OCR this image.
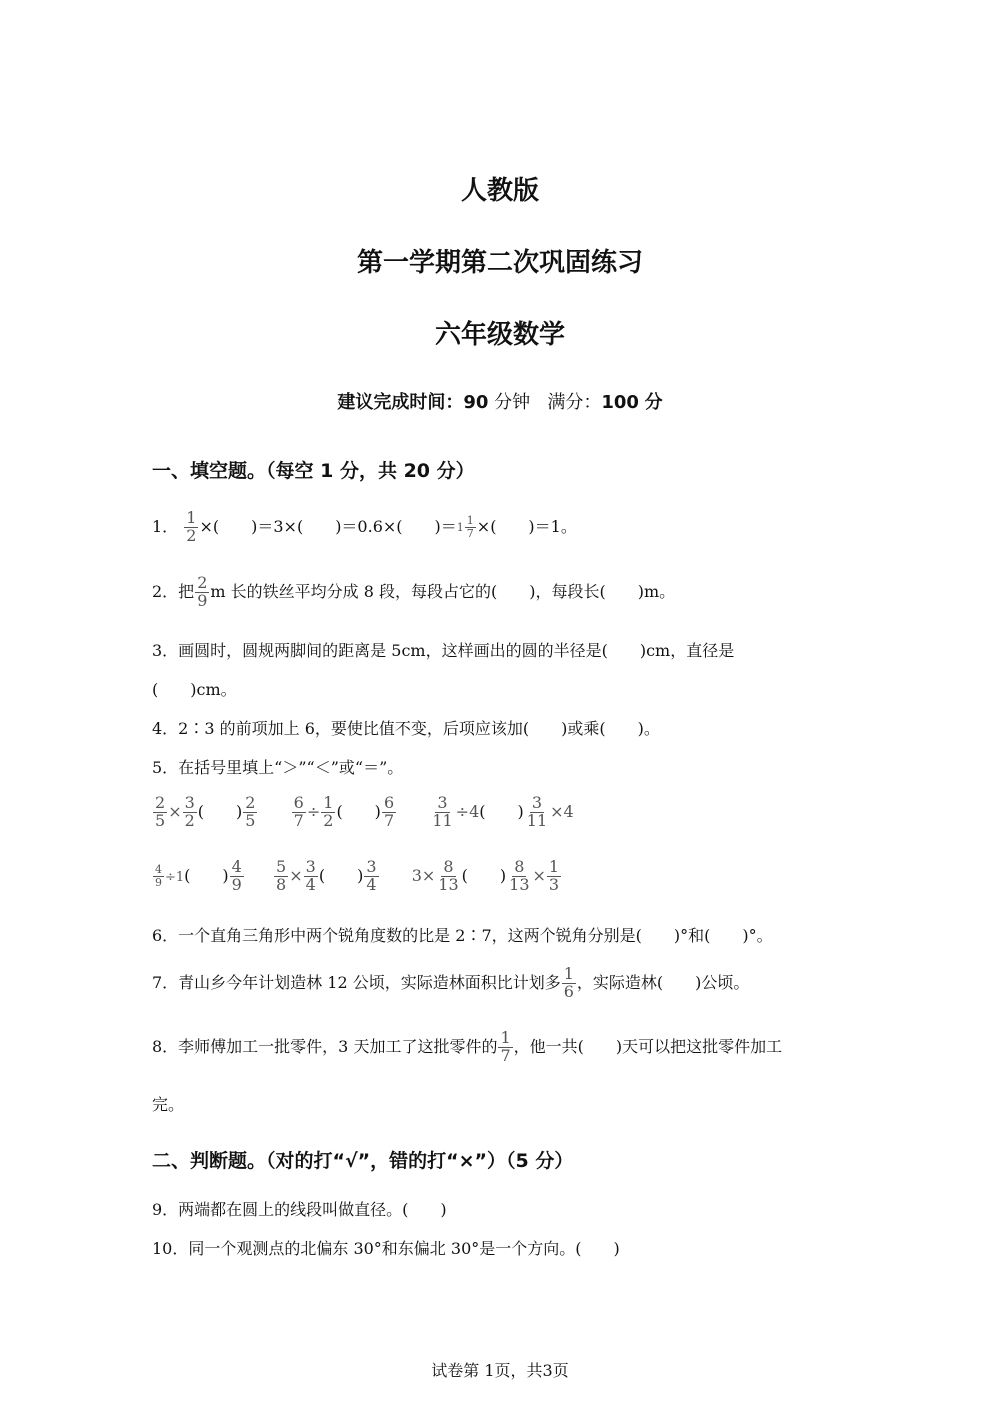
人教版
第一学期第二次巩固练习
六年级数学
建议完成时间：90 分钟 满分：100 分
一、填空题。（每空 1 分，共 20 分）
1． $\frac{1}{2}$ ×(　　)＝3×(　　)＝0.6×(　　)$=1 \frac{1}{7}$ ×(　　)＝1。
2．把 $\frac{2}{9}$ m 长的铁丝平均分成 8 段，每段占它的(　　)，每段长(　　)m。
3．画圆时，圆规两脚间的距离是 5cm，这样画出的圆的半径是(　　)cm，直径是
(　　)cm。
4．2∶3 的前项加上 6，要使比值不变，后项应该加(　　)或乘(　　)。
5．在括号里填上“＞”“＜”或“＝”。
$\frac{2}{5} \times \frac{3}{2}$ (　　) $\frac{2}{5}$
$\frac{6}{7} \div \frac{1}{2}$ (　　) $\frac{6}{7}$
$\frac{3}{11} \div 4$(　　) $\frac{3}{11} \times 4$
$\frac{4}{9} \div 1$(　　) $\frac{4}{9}$
$\frac{5}{8} \times \frac{3}{4}$ (　　) $\frac{3}{4} 3\times \frac{8}{13}$ (　　) $\frac{8}{13} \times \frac{1}{3}$
6．一个直角三角形中两个锐角度数的比是 2∶7，这两个锐角分别是(　　)°和(　　)°。
7．青山乡今年计划造林 12 公顷，实际造林面积比计划多 $\frac{1}{6}$ ，实际造林(　　)公顷。
8．李师傅加工一批零件，3 天加工了这批零件的 $\frac{1}{7}$ ，他一共(　　)天可以把这批零件加工
完。
二、判断题。（对的打“√”，错的打“×”）（5 分）
9．两端都在圆上的线段叫做直径。(　　)
10．同一个观测点的北偏东 30°和东偏北 30°是一个方向。(　　)
试卷第 1页，共3页
